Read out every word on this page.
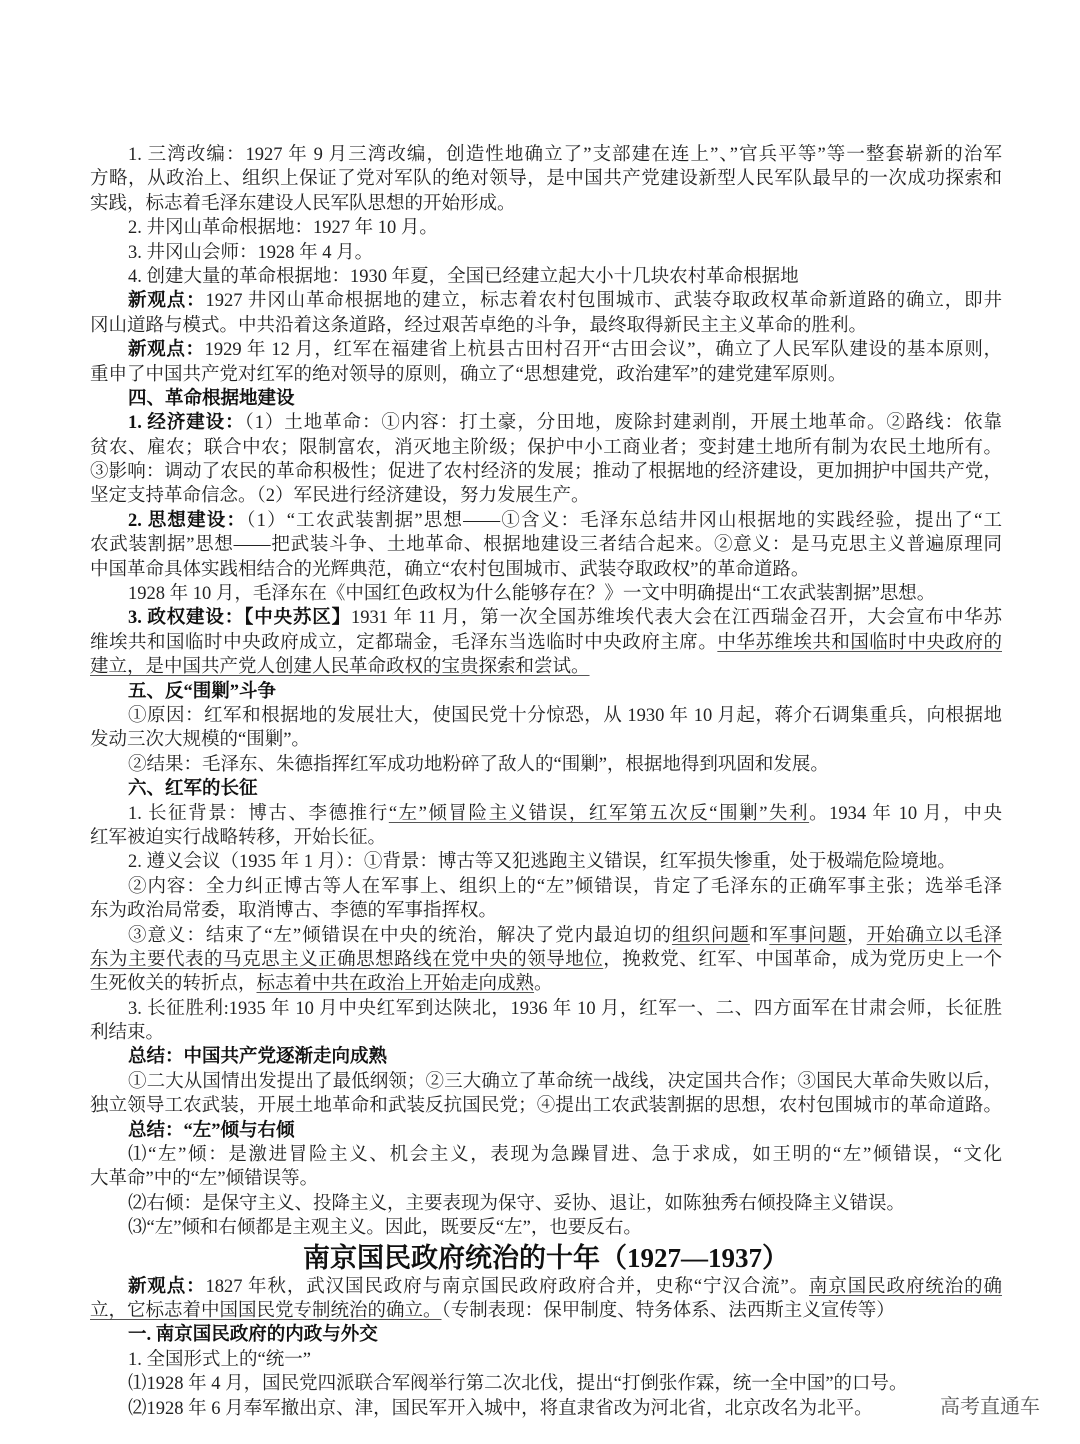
1. 三湾改编：1927 年 9 月三湾改编，创造性地确立了”支部建在连上”、”官兵平等”等一整套崭新的治军
方略，从政治上、组织上保证了党对军队的绝对领导，是中国共产党建设新型人民军队最早的一次成功探索和
实践，标志着毛泽东建设人民军队思想的开始形成。
2. 井冈山革命根据地：1927 年 10 月。
3. 井冈山会师：1928 年 4 月。
4. 创建大量的革命根据地：1930 年夏，全国已经建立起大小十几块农村革命根据地
新观点：1927 井冈山革命根据地的建立，标志着农村包围城市、武装夺取政权革命新道路的确立，即井
冈山道路与模式。中共沿着这条道路，经过艰苦卓绝的斗争，最终取得新民主主义革命的胜利。
新观点：1929 年 12 月，红军在福建省上杭县古田村召开“古田会议”，确立了人民军队建设的基本原则，
重申了中国共产党对红军的绝对领导的原则，确立了“思想建党，政治建军”的建党建军原则。
四、革命根据地建设
1. 经济建设：（1）土地革命：①内容：打土豪，分田地，废除封建剥削，开展土地革命。②路线：依靠
贫农、雇农；联合中农；限制富农，消灭地主阶级；保护中小工商业者；变封建土地所有制为农民土地所有。
③影响：调动了农民的革命积极性；促进了农村经济的发展；推动了根据地的经济建设，更加拥护中国共产党，
坚定支持革命信念。（2）军民进行经济建设，努力发展生产。
2. 思想建设：（1）“工农武装割据”思想——①含义：毛泽东总结井冈山根据地的实践经验，提出了“工
农武装割据”思想——把武装斗争、土地革命、根据地建设三者结合起来。②意义：是马克思主义普遍原理同
中国革命具体实践相结合的光辉典范，确立“农村包围城市、武装夺取政权”的革命道路。
1928 年 10 月，毛泽东在《中国红色政权为什么能够存在？》一文中明确提出“工农武装割据”思想。
3. 政权建设：【中央苏区】1931 年 11 月，第一次全国苏维埃代表大会在江西瑞金召开，大会宣布中华苏
维埃共和国临时中央政府成立，定都瑞金，毛泽东当选临时中央政府主席。中华苏维埃共和国临时中央政府的
建立，是中国共产党人创建人民革命政权的宝贵探索和尝试。
五、反“围剿”斗争
①原因：红军和根据地的发展壮大，使国民党十分惊恐，从 1930 年 10 月起，蒋介石调集重兵，向根据地
发动三次大规模的“围剿”。
②结果：毛泽东、朱德指挥红军成功地粉碎了敌人的“围剿”，根据地得到巩固和发展。
六、红军的长征
1. 长征背景：博古、李德推行“左”倾冒险主义错误，红军第五次反“围剿”失利。1934 年 10 月，中央
红军被迫实行战略转移，开始长征。
2. 遵义会议（1935 年 1 月）：①背景：博古等又犯逃跑主义错误，红军损失惨重，处于极端危险境地。
②内容：全力纠正博古等人在军事上、组织上的“左”倾错误，肯定了毛泽东的正确军事主张；选举毛泽
东为政治局常委，取消博古、李德的军事指挥权。
③意义：结束了“左”倾错误在中央的统治，解决了党内最迫切的组织问题和军事问题，开始确立以毛泽
东为主要代表的马克思主义正确思想路线在党中央的领导地位，挽救党、红军、中国革命，成为党历史上一个
生死攸关的转折点，标志着中共在政治上开始走向成熟。
3. 长征胜利:1935 年 10 月中央红军到达陕北，1936 年 10 月，红军一、二、四方面军在甘肃会师，长征胜
利结束。
总结：中国共产党逐渐走向成熟
①二大从国情出发提出了最低纲领；②三大确立了革命统一战线，决定国共合作；③国民大革命失败以后，
独立领导工农武装，开展土地革命和武装反抗国民党；④提出工农武装割据的思想，农村包围城市的革命道路。
总结：“左”倾与右倾
⑴“左”倾：是激进冒险主义、机会主义，表现为急躁冒进、急于求成，如王明的“左”倾错误，“文化
大革命”中的“左”倾错误等。
⑵右倾：是保守主义、投降主义，主要表现为保守、妥协、退让，如陈独秀右倾投降主义错误。
⑶“左”倾和右倾都是主观主义。因此，既要反“左”，也要反右。
南京国民政府统治的十年（1927—1937）
新观点：1827 年秋，武汉国民政府与南京国民政府政府合并，史称“宁汉合流”。南京国民政府统治的确
立，它标志着中国国民党专制统治的确立。（专制表现：保甲制度、特务体系、法西斯主义宣传等）
一. 南京国民政府的内政与外交
1. 全国形式上的“统一”
⑴1928 年 4 月，国民党四派联合军阀举行第二次北伐，提出“打倒张作霖，统一全中国”的口号。
⑵1928 年 6 月奉军撤出京、津，国民军开入城中，将直隶省改为河北省，北京改名为北平。	高考直通车
